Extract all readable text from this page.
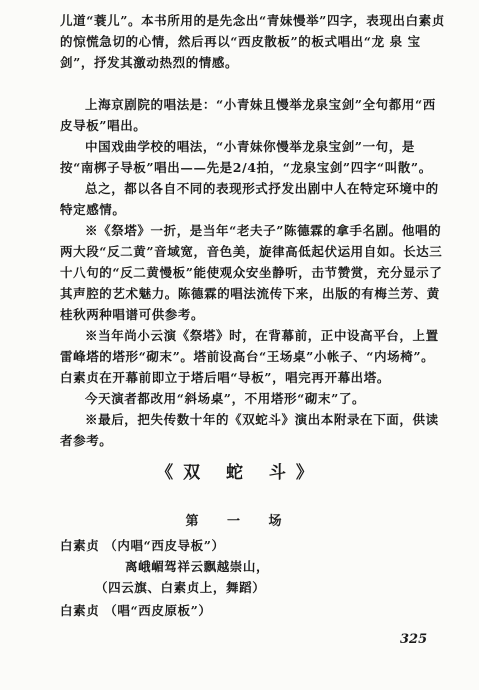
儿道“蓑儿”。本书所用的是先念出“青妹慢举”四字，表现出白素贞的惊慌急切的心情，然后再以“西皮散板”的板式唱出“龙 泉 宝剑”，抒发其激动热烈的情感。

上海京剧院的唱法是：“小青妹且慢举龙泉宝剑”全句都用“西皮导板”唱出。

中国戏曲学校的唱法，“小青妹你慢举龙泉宝剑”一句，是按“南梆子导板”唱出——先是2/4拍，“龙泉宝剑”四字“叫散”。

总之，都以各自不同的表现形式抒发出剧中人在特定环境中的特定感情。

※《祭塔》一折，是当年“老夫子”陈德霖的拿手名剧。他唱的两大段“反二黄”音域宽，音色美，旋律高低起伏运用自如。长达三十八句的“反二黄慢板”能使观众安坐静听，击节赞赏，充分显示了其声腔的艺术魅力。陈德霖的唱法流传下来，出版的有梅兰芳、黄桂秋两种唱谱可供参考。

※当年尚小云演《祭塔》时，在背幕前，正中设高平台，上置雷峰塔的塔形“砌末”。塔前设高台“王场桌”小帐子、“内场椅”。白素贞在开幕前即立于塔后唱“导板”，唱完再开幕出塔。

今天演者都改用“斜场桌”，不用塔形“砌末”了。

※最后，把失传数十年的《双蛇斗》演出本附录在下面，供读者参考。

《双 蛇 斗》
第 一 场
白素贞 （内唱“西皮导板”）
离峨嵋驾祥云飘越崇山，
（四云旗、白素贞上，舞蹈）
白素贞 （唱“西皮原板”）
325
